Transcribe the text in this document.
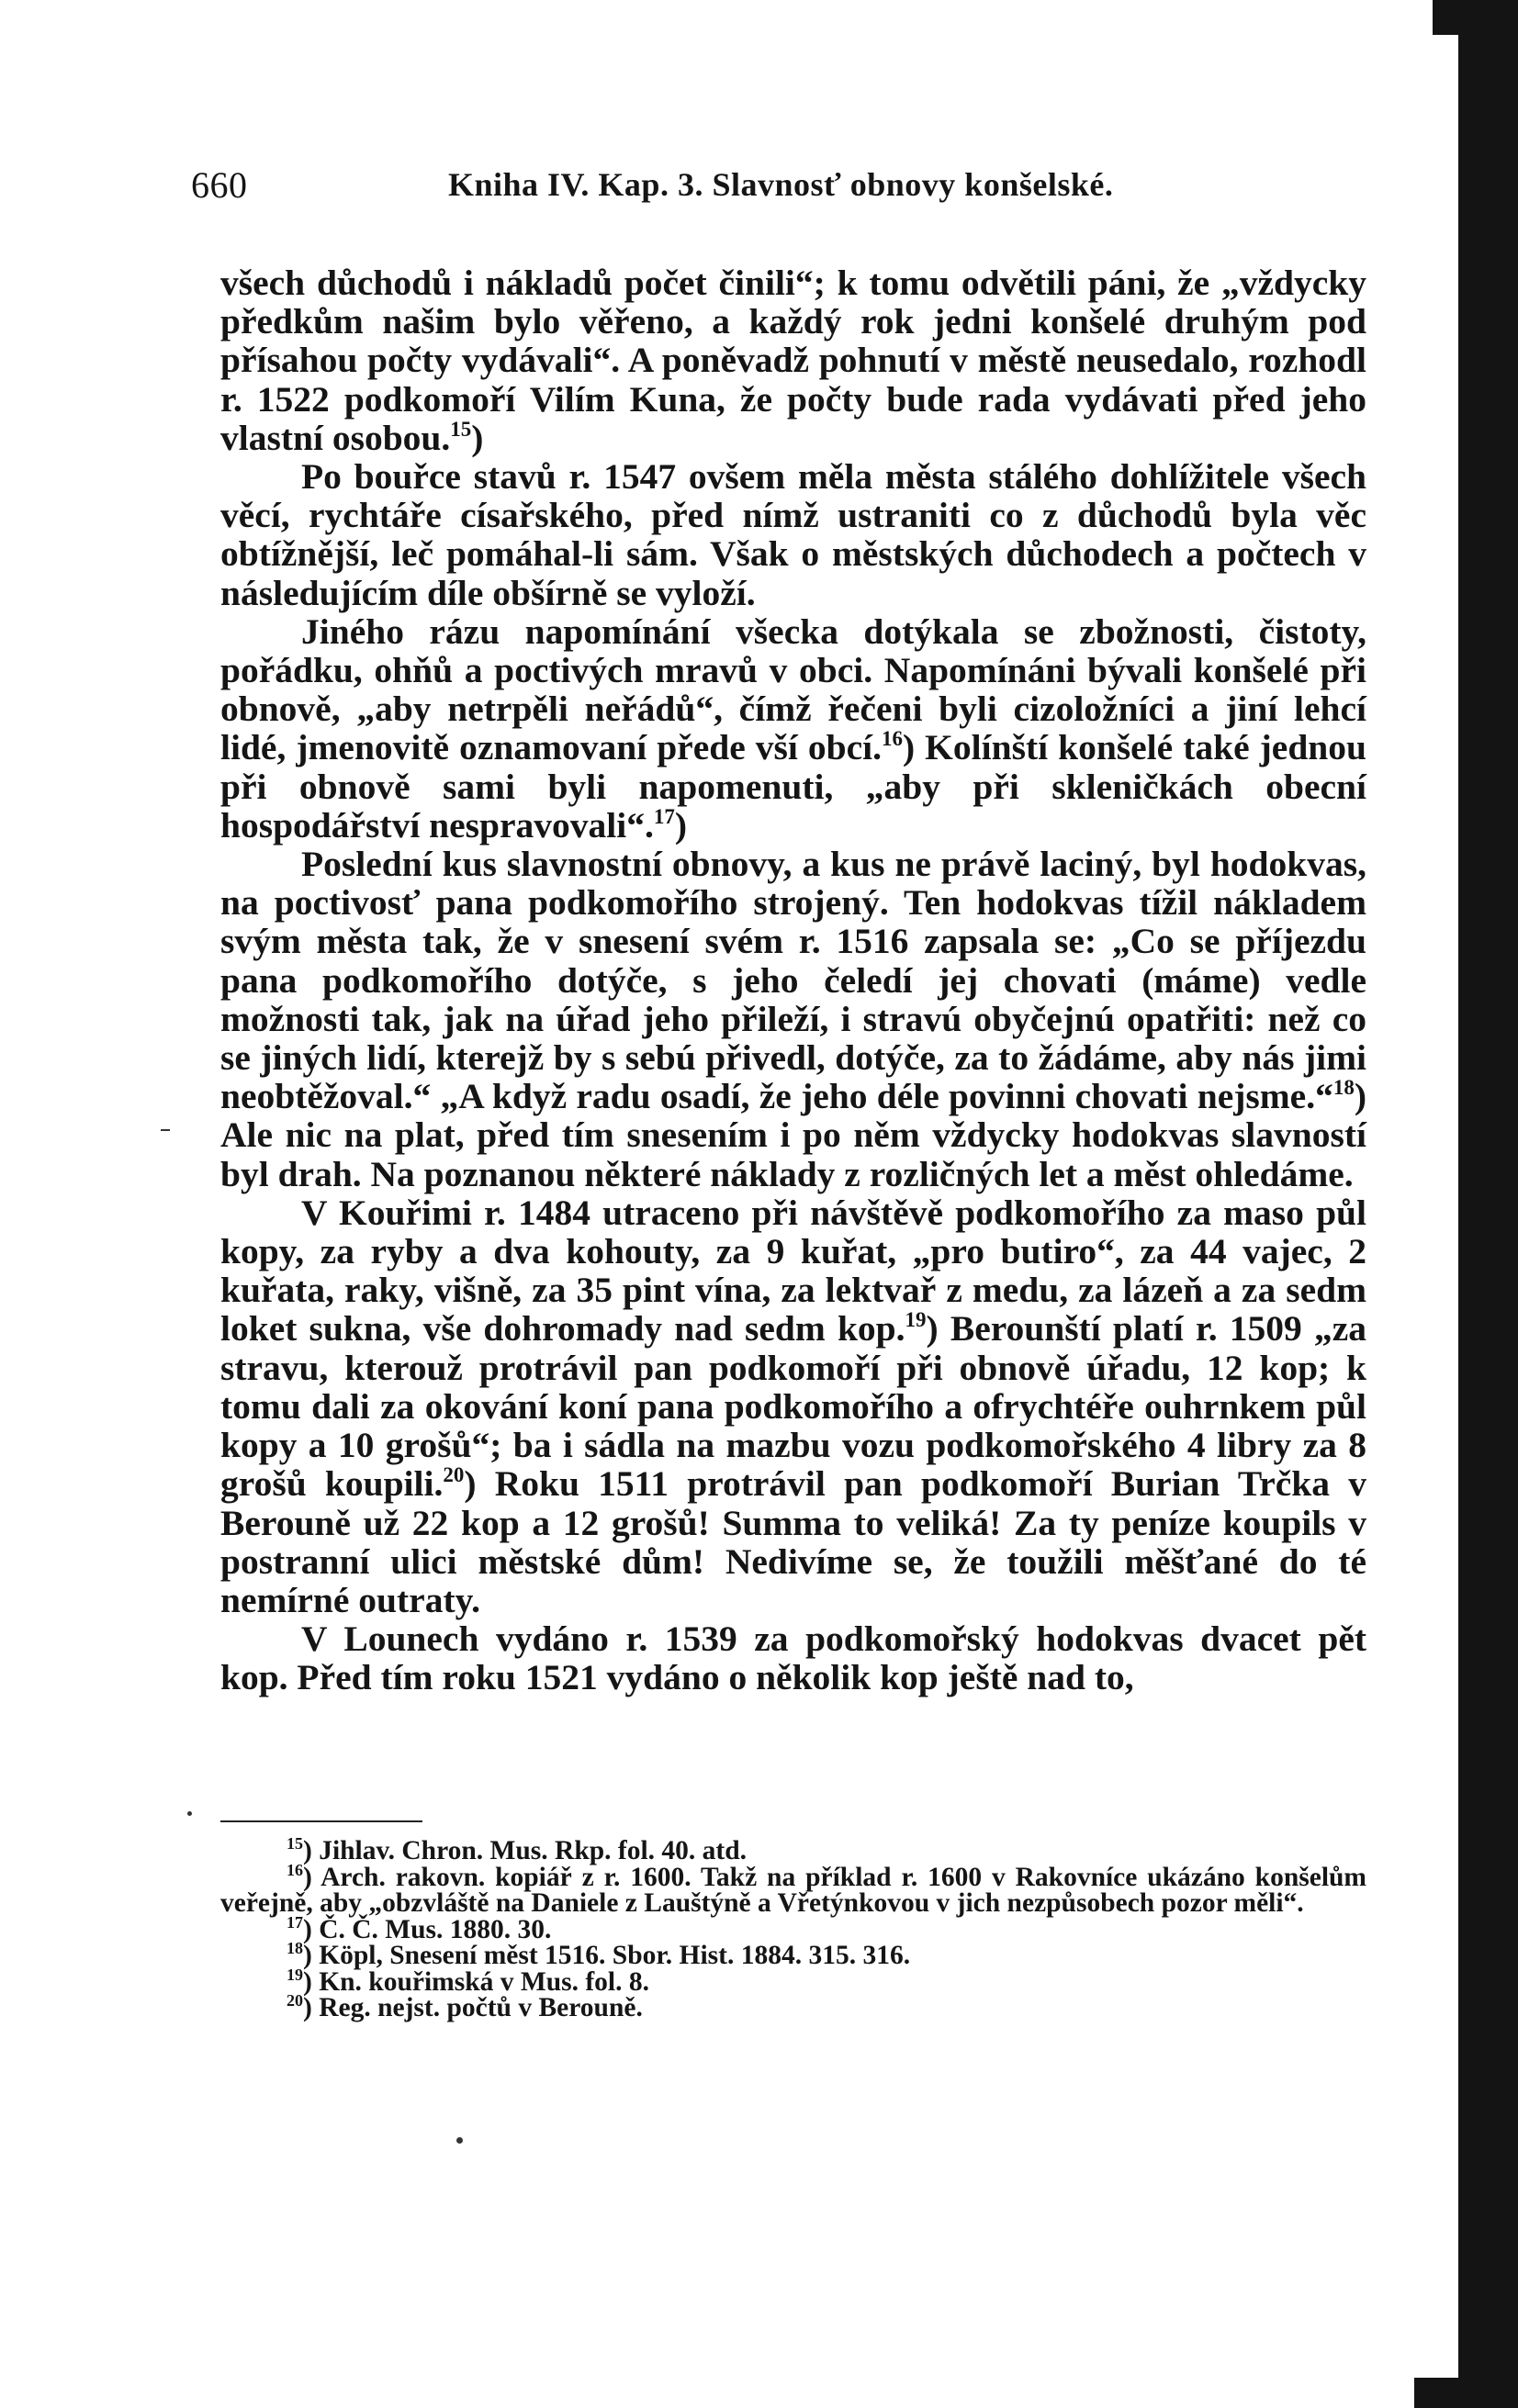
660	Kniha IV. Kap. 3. Slavnosť obnovy konšelské.

všech důchodů i nákladů počet činili“; k tomu odvětili páni, že „vždycky předkům našim bylo věřeno, a každý rok jedni konšelé druhým pod přísahou počty vydávali“. A poněvadž pohnutí v městě neusedalo, rozhodl r. 1522 podkomoří Vilím Kuna, že počty bude rada vydávati před jeho vlastní osobou.$^{15}$)

Po bouřce stavů r. 1547 ovšem měla města stálého dohlížitele všech věcí, rychtáře císařského, před nímž ustraniti co z důchodů byla věc obtížnější, leč pomáhal-li sám. Však o městských důchodech a počtech v následujícím díle obšírně se vyloží.

Jiného rázu napomínání všecka dotýkala se zbožnosti, čistoty, pořádku, ohňů a poctivých mravů v obci. Napomínáni bývali konšelé při obnově, „aby netrpěli neřádů“, čímž řečeni byli cizoložníci a jiní lehcí lidé, jmenovitě oznamovaní přede vší obcí.$^{16}$) Kolínští konšelé také jednou při obnově sami byli napomenuti, „aby při skleničkách obecní hospodářství nespravovali“.$^{17}$)

Poslední kus slavnostní obnovy, a kus ne právě laciný, byl hodokvas, na poctivosť pana podkomořího strojený. Ten hodokvas tížil nákladem svým města tak, že v snesení svém r. 1516 zapsala se: „Co se příjezdu pana podkomořího dotýče, s jeho čeledí jej chovati (máme) vedle možnosti tak, jak na úřad jeho přileží, i stravú obyčejnú opatřiti: než co se jiných lidí, kterejž by s sebú přivedl, dotýče, za to žádáme, aby nás jimi neobtěžoval.“ „A když radu osadí, že jeho déle povinni chovati nejsme.“$^{18}$) Ale nic na plat, před tím snesením i po něm vždycky hodokvas slavností byl drah. Na poznanou některé náklady z rozličných let a měst ohledáme.

V Kouřimi r. 1484 utraceno při návštěvě podkomořího za maso půl kopy, za ryby a dva kohouty, za 9 kuřat, „pro butiro“, za 44 vajec, 2 kuřata, raky, višně, za 35 pint vína, za lektvař z medu, za lázeň a za sedm loket sukna, vše dohromady nad sedm kop.$^{19}$) Berounští platí r. 1509 „za stravu, kterouž protrávil pan podkomoří při obnově úřadu, 12 kop; k tomu dali za okování koní pana podkomořího a ofrychtéře ouhrnkem půl kopy a 10 grošů“; ba i sádla na mazbu vozu podkomořského 4 libry za 8 grošů koupili.$^{20}$) Roku 1511 protrávil pan podkomoří Burian Trčka v Berouně už 22 kop a 12 grošů! Summa to veliká! Za ty peníze koupils v postranní ulici městské dům! Nedivíme se, že toužili měšťané do té nemírné outraty.

V Lounech vydáno r. 1539 za podkomořský hodokvas dvacet pět kop. Před tím roku 1521 vydáno o několik kop ještě nad to,

$^{15}$) Jihlav. Chron. Mus. Rkp. fol. 40. atd.
$^{16}$) Arch. rakovn. kopiář z r. 1600. Takž na příklad r. 1600 v Rakovníce ukázáno konšelům veřejně, aby „obzvláště na Daniele z Lauštýně a Vřetýnkovou v jich nezpůsobech pozor měli“.
$^{17}$) Č. Č. Mus. 1880. 30.
$^{18}$) Köpl, Snesení měst 1516. Sbor. Hist. 1884. 315. 316.
$^{19}$) Kn. kouřimská v Mus. fol. 8.
$^{20}$) Reg. nejst. počtů v Berouně.
